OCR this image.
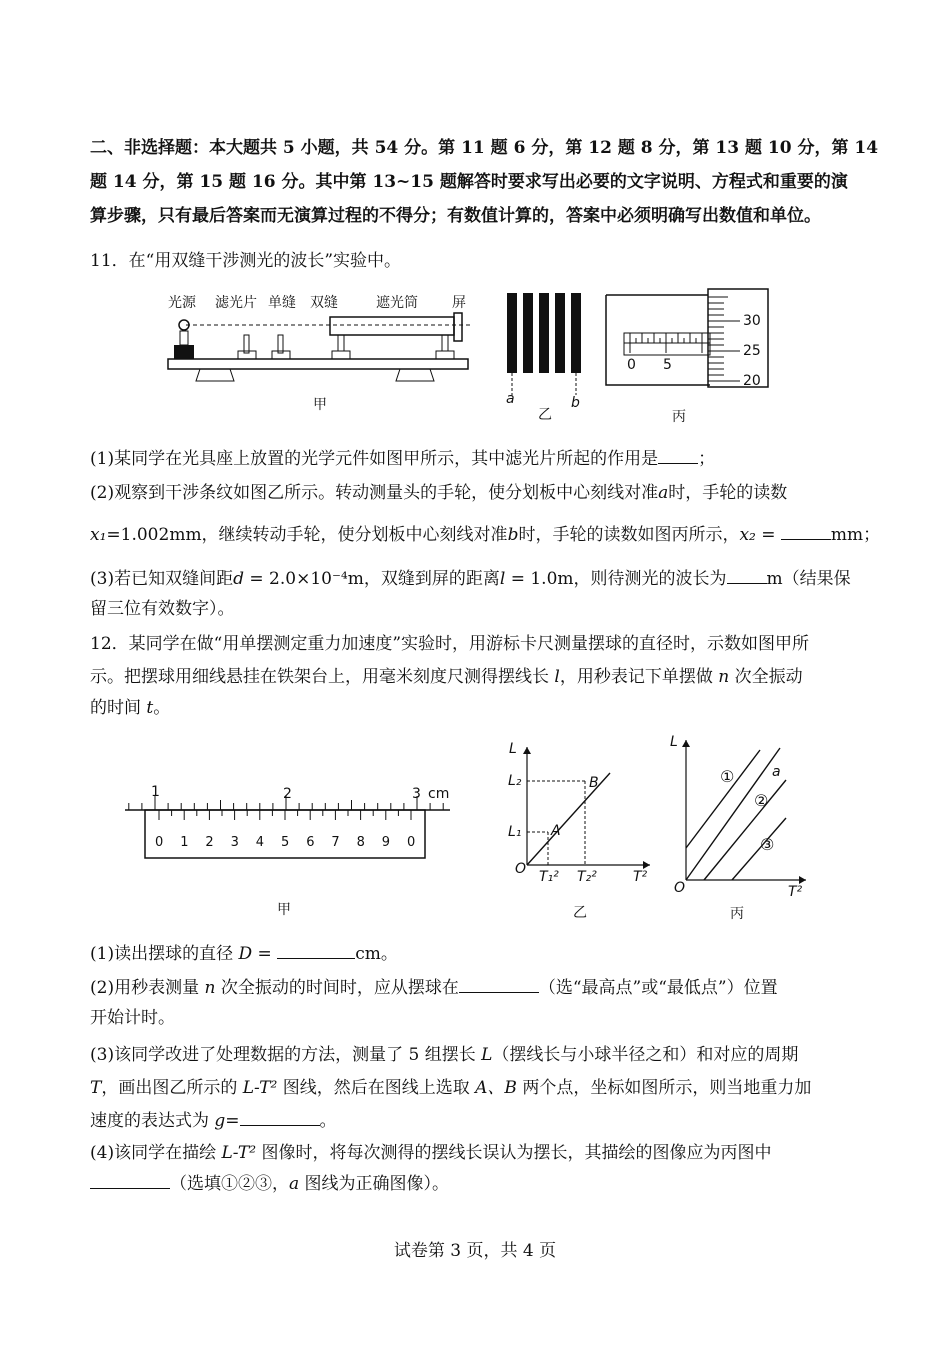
二、非选择题：本大题共 5 小题，共 54 分。第 11 题 6 分，第 12 题 8 分，第 13 题 10 分，第 14
题 14 分，第 15 题 16 分。其中第 13~15 题解答时要求写出必要的文字说明、方程式和重要的演
算步骤，只有最后答案而无演算过程的不得分；有数值计算的，答案中必须明确写出数值和单位。
11．在“用双缝干涉测光的波长”实验中。
光源 滤光片 单缝 双缝	遮光筒 屏
甲	a	b
乙
0 5
30
25
20
丙
(1)某同学在光具座上放置的光学元件如图甲所示，其中滤光片所起的作用是 ；
(2)观察到干涉条纹如图乙所示。转动测量头的手轮，使分划板中心刻线对准a时，手轮的读数
x₁=1.002mm，继续转动手轮，使分划板中心刻线对准b时，手轮的读数如图丙所示，x₂ =	mm；
(3)若已知双缝间距d = 2.0×10⁻⁴m，双缝到屏的距离l = 1.0m，则待测光的波长为 m（结果保
留三位有效数字）。
12．某同学在做“用单摆测定重力加速度”实验时，用游标卡尺测量摆球的直径时，示数如图甲所
示。把摆球用细线悬挂在铁架台上，用毫米刻度尺测得摆线长 l，用秒表记下单摆做 n 次全振动
的时间 t。
1	2	3 cm
0 1 2 3 4 5 6 7 8 9 0
甲
L
T²
O
L₁
L₂
T₁² T₂²
A
B
乙
L
T²
O
①	a
②
③
丙
(1)读出摆球的直径 D =	cm。
(2)用秒表测量 n 次全振动的时间时，应从摆球在	（选“最高点”或“最低点”）位置
开始计时。
(3)该同学改进了处理数据的方法，测量了 5 组摆长 L（摆线长与小球半径之和）和对应的周期
T，画出图乙所示的 L-T² 图线，然后在图线上选取 A、B 两个点，坐标如图所示，则当地重力加
速度的表达式为 g=	。
(4)该同学在描绘 L-T² 图像时，将每次测得的摆线长误认为摆长，其描绘的图像应为丙图中
（选填①②③，a 图线为正确图像）。
试卷第 3 页，共 4 页
